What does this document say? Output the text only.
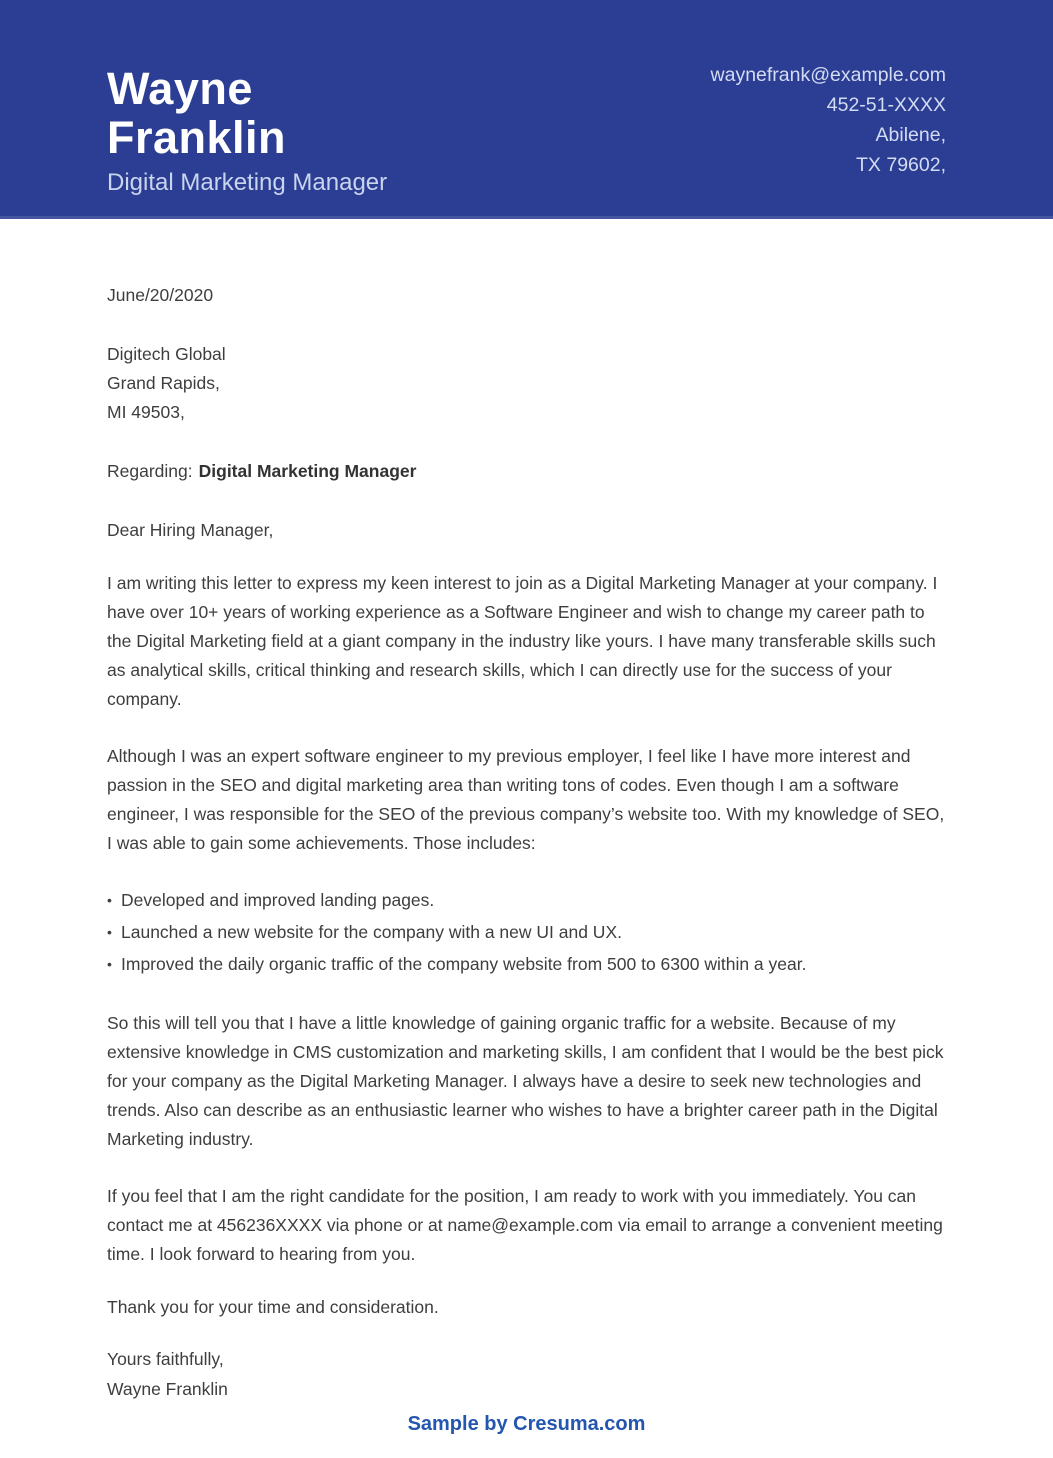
Wayne
Franklin
Digital Marketing Manager
waynefrank@example.com
452-51-XXXX
Abilene,
TX 79602,
June/20/2020
Digitech Global
Grand Rapids,
MI 49503,
Regarding: Digital Marketing Manager
Dear Hiring Manager,

I am writing this letter to express my keen interest to join as a Digital Marketing Manager at your company. I have over 10+ years of working experience as a Software Engineer and wish to change my career path to the Digital Marketing field at a giant company in the industry like yours. I have many transferable skills such as analytical skills, critical thinking and research skills, which I can directly use for the success of your company.

Although I was an expert software engineer to my previous employer, I feel like I have more interest and passion in the SEO and digital marketing area than writing tons of codes. Even though I am a software engineer, I was responsible for the SEO of the previous company’s website too. With my knowledge of SEO, I was able to gain some achievements. Those includes:

• Developed and improved landing pages.
• Launched a new website for the company with a new UI and UX.
• Improved the daily organic traffic of the company website from 500 to 6300 within a year.

So this will tell you that I have a little knowledge of gaining organic traffic for a website. Because of my extensive knowledge in CMS customization and marketing skills, I am confident that I would be the best pick for your company as the Digital Marketing Manager. I always have a desire to seek new technologies and trends. Also can describe as an enthusiastic learner who wishes to have a brighter career path in the Digital Marketing industry.

If you feel that I am the right candidate for the position, I am ready to work with you immediately. You can contact me at 456236XXXX via phone or at name@example.com via email to arrange a convenient meeting time. I look forward to hearing from you.

Thank you for your time and consideration.
Yours faithfully,
Wayne Franklin
Sample by Cresuma.com
